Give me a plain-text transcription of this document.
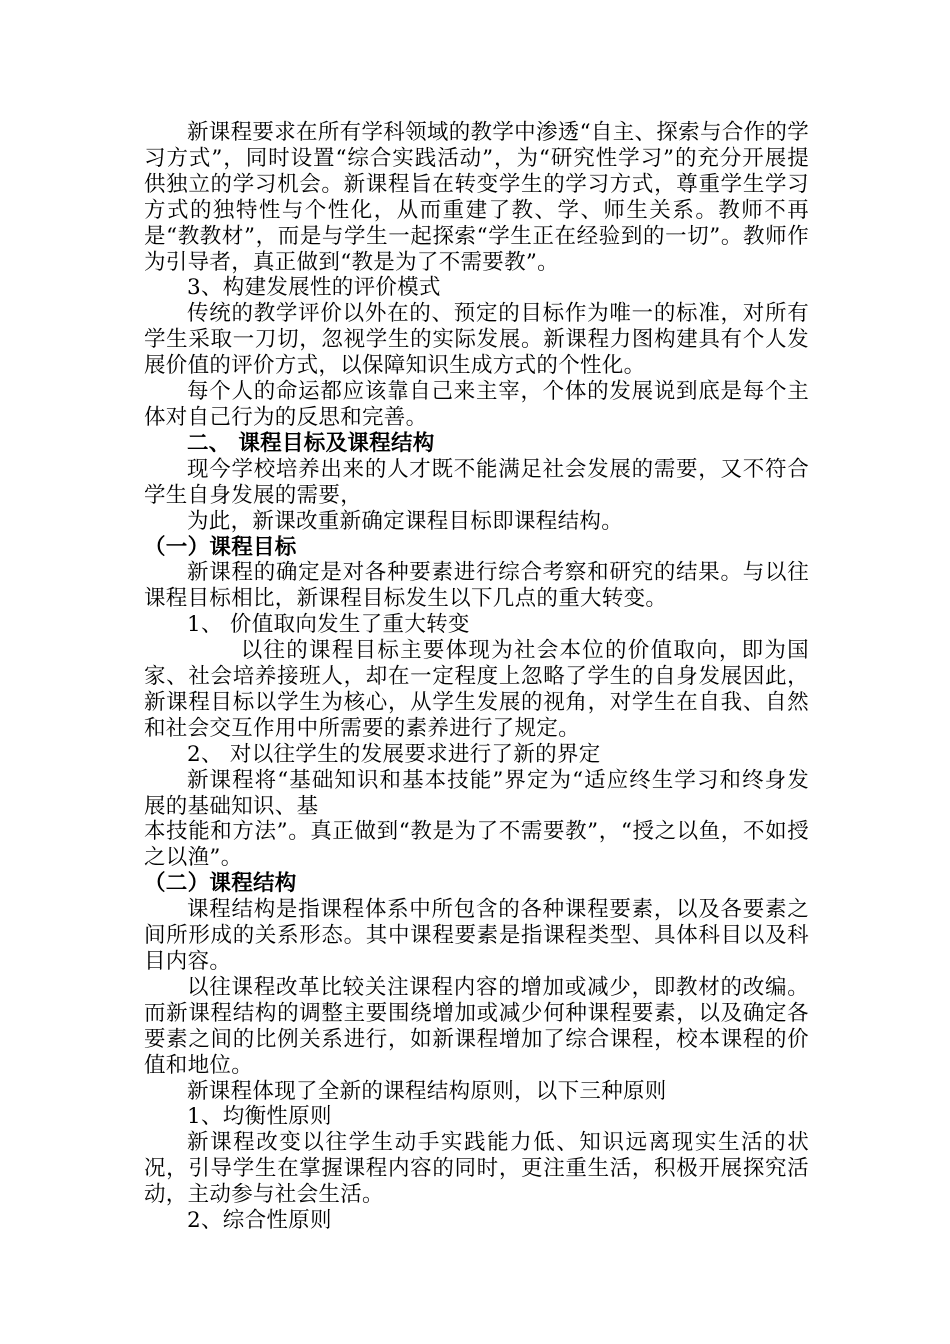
新课程要求在所有学科领域的教学中渗透“自主、探索与合作的学习方式”，同时设置“综合实践活动”，为“研究性学习”的充分开展提供独立的学习机会。新课程旨在转变学生的学习方式，尊重学生学习方式的独特性与个性化，从而重建了教、学、师生关系。教师不再是“教教材”，而是与学生一起探索“学生正在经验到的一切”。教师作为引导者，真正做到“教是为了不需要教”。

3、构建发展性的评价模式

传统的教学评价以外在的、预定的目标作为唯一的标准，对所有学生采取一刀切，忽视学生的实际发展。新课程力图构建具有个人发展价值的评价方式，以保障知识生成方式的个性化。

每个人的命运都应该靠自己来主宰，个体的发展说到底是每个主体对自己行为的反思和完善。

二、 课程目标及课程结构

现今学校培养出来的人才既不能满足社会发展的需要，又不符合学生自身发展的需要，

为此，新课改重新确定课程目标即课程结构。

（一）课程目标

新课程的确定是对各种要素进行综合考察和研究的结果。与以往课程目标相比，新课程目标发生以下几点的重大转变。

1、 价值取向发生了重大转变

以往的课程目标主要体现为社会本位的价值取向，即为国家、社会培养接班人，却在一定程度上忽略了学生的自身发展因此，新课程目标以学生为核心，从学生发展的视角，对学生在自我、自然和社会交互作用中所需要的素养进行了规定。

2、 对以往学生的发展要求进行了新的界定

新课程将“基础知识和基本技能”界定为“适应终生学习和终身发展的基础知识、基

本技能和方法”。真正做到“教是为了不需要教”，“授之以鱼，不如授之以渔”。

（二）课程结构

课程结构是指课程体系中所包含的各种课程要素，以及各要素之间所形成的关系形态。其中课程要素是指课程类型、具体科目以及科目内容。

以往课程改革比较关注课程内容的增加或减少，即教材的改编。而新课程结构的调整主要围绕增加或减少何种课程要素，以及确定各要素之间的比例关系进行，如新课程增加了综合课程，校本课程的价值和地位。

新课程体现了全新的课程结构原则，以下三种原则

1、均衡性原则

新课程改变以往学生动手实践能力低、知识远离现实生活的状况，引导学生在掌握课程内容的同时，更注重生活，积极开展探究活动，主动参与社会生活。

2、综合性原则
